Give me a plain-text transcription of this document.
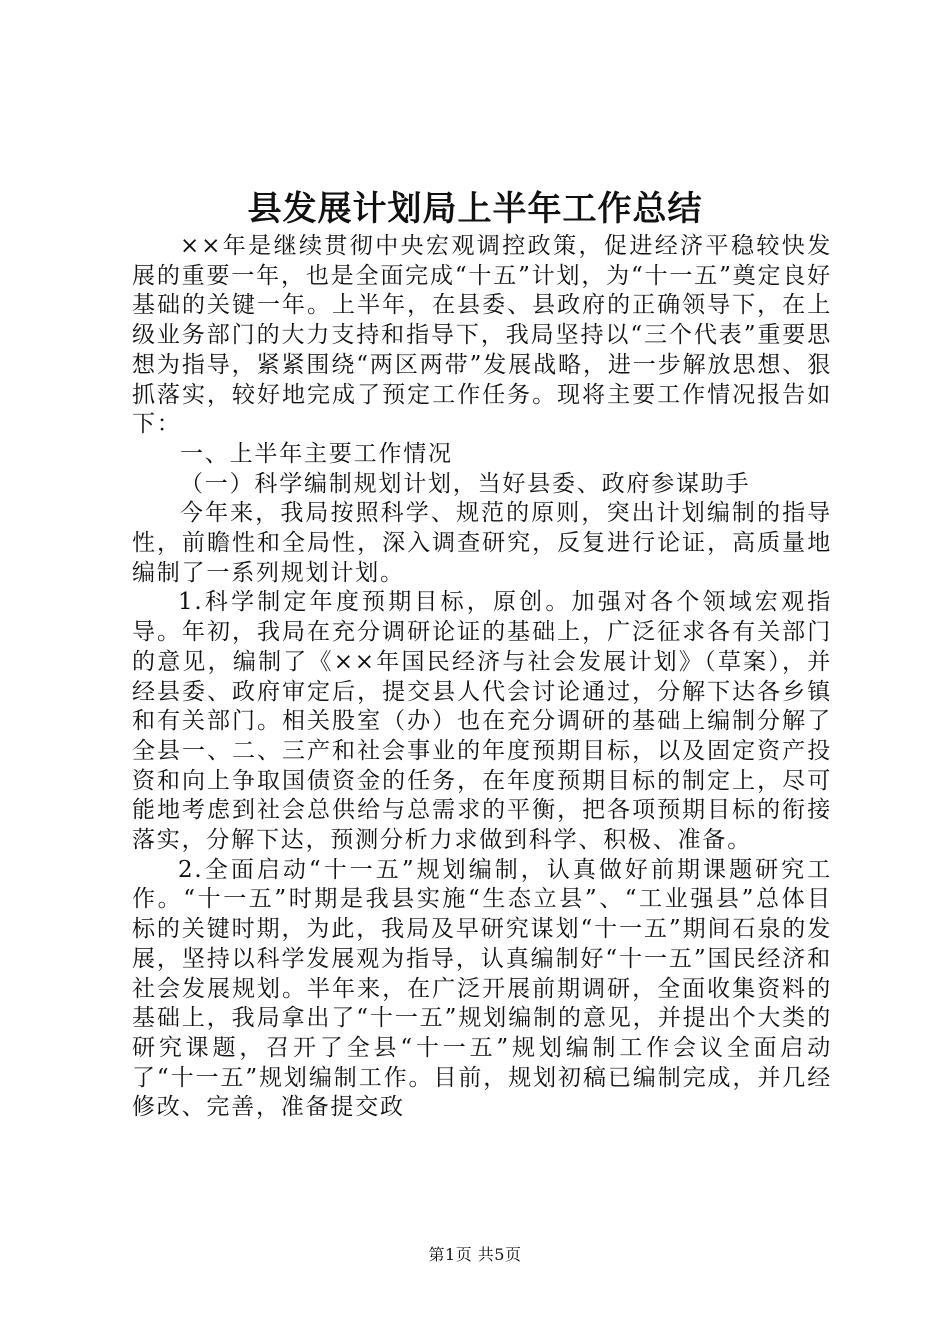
县发展计划局上半年工作总结

××年是继续贯彻中央宏观调控政策，促进经济平稳较快发展的重要一年，也是全面完成“十五”计划，为“十一五”奠定良好基础的关键一年。上半年，在县委、县政府的正确领导下，在上级业务部门的大力支持和指导下，我局坚持以“三个代表”重要思想为指导，紧紧围绕“两区两带”发展战略，进一步解放思想、狠抓落实，较好地完成了预定工作任务。现将主要工作情况报告如下：

一、上半年主要工作情况

（一）科学编制规划计划，当好县委、政府参谋助手

今年来，我局按照科学、规范的原则，突出计划编制的指导性，前瞻性和全局性，深入调查研究，反复进行论证，高质量地编制了一系列规划计划。

1.科学制定年度预期目标，原创。加强对各个领域宏观指导。年初，我局在充分调研论证的基础上，广泛征求各有关部门的意见，编制了《××年国民经济与社会发展计划》（草案），并经县委、政府审定后，提交县人代会讨论通过，分解下达各乡镇和有关部门。相关股室（办）也在充分调研的基础上编制分解了全县一、二、三产和社会事业的年度预期目标，以及固定资产投资和向上争取国债资金的任务，在年度预期目标的制定上，尽可能地考虑到社会总供给与总需求的平衡，把各项预期目标的衔接落实，分解下达，预测分析力求做到科学、积极、准备。

2.全面启动“十一五”规划编制，认真做好前期课题研究工作。“十一五”时期是我县实施“生态立县”、“工业强县”总体目标的关键时期，为此，我局及早研究谋划“十一五”期间石泉的发展，坚持以科学发展观为指导，认真编制好“十一五”国民经济和社会发展规划。半年来，在广泛开展前期调研，全面收集资料的基础上，我局拿出了“十一五”规划编制的意见，并提出个大类的研究课题，召开了全县“十一五”规划编制工作会议全面启动了“十一五”规划编制工作。目前，规划初稿已编制完成，并几经修改、完善，准备提交政

第1页 共5页
